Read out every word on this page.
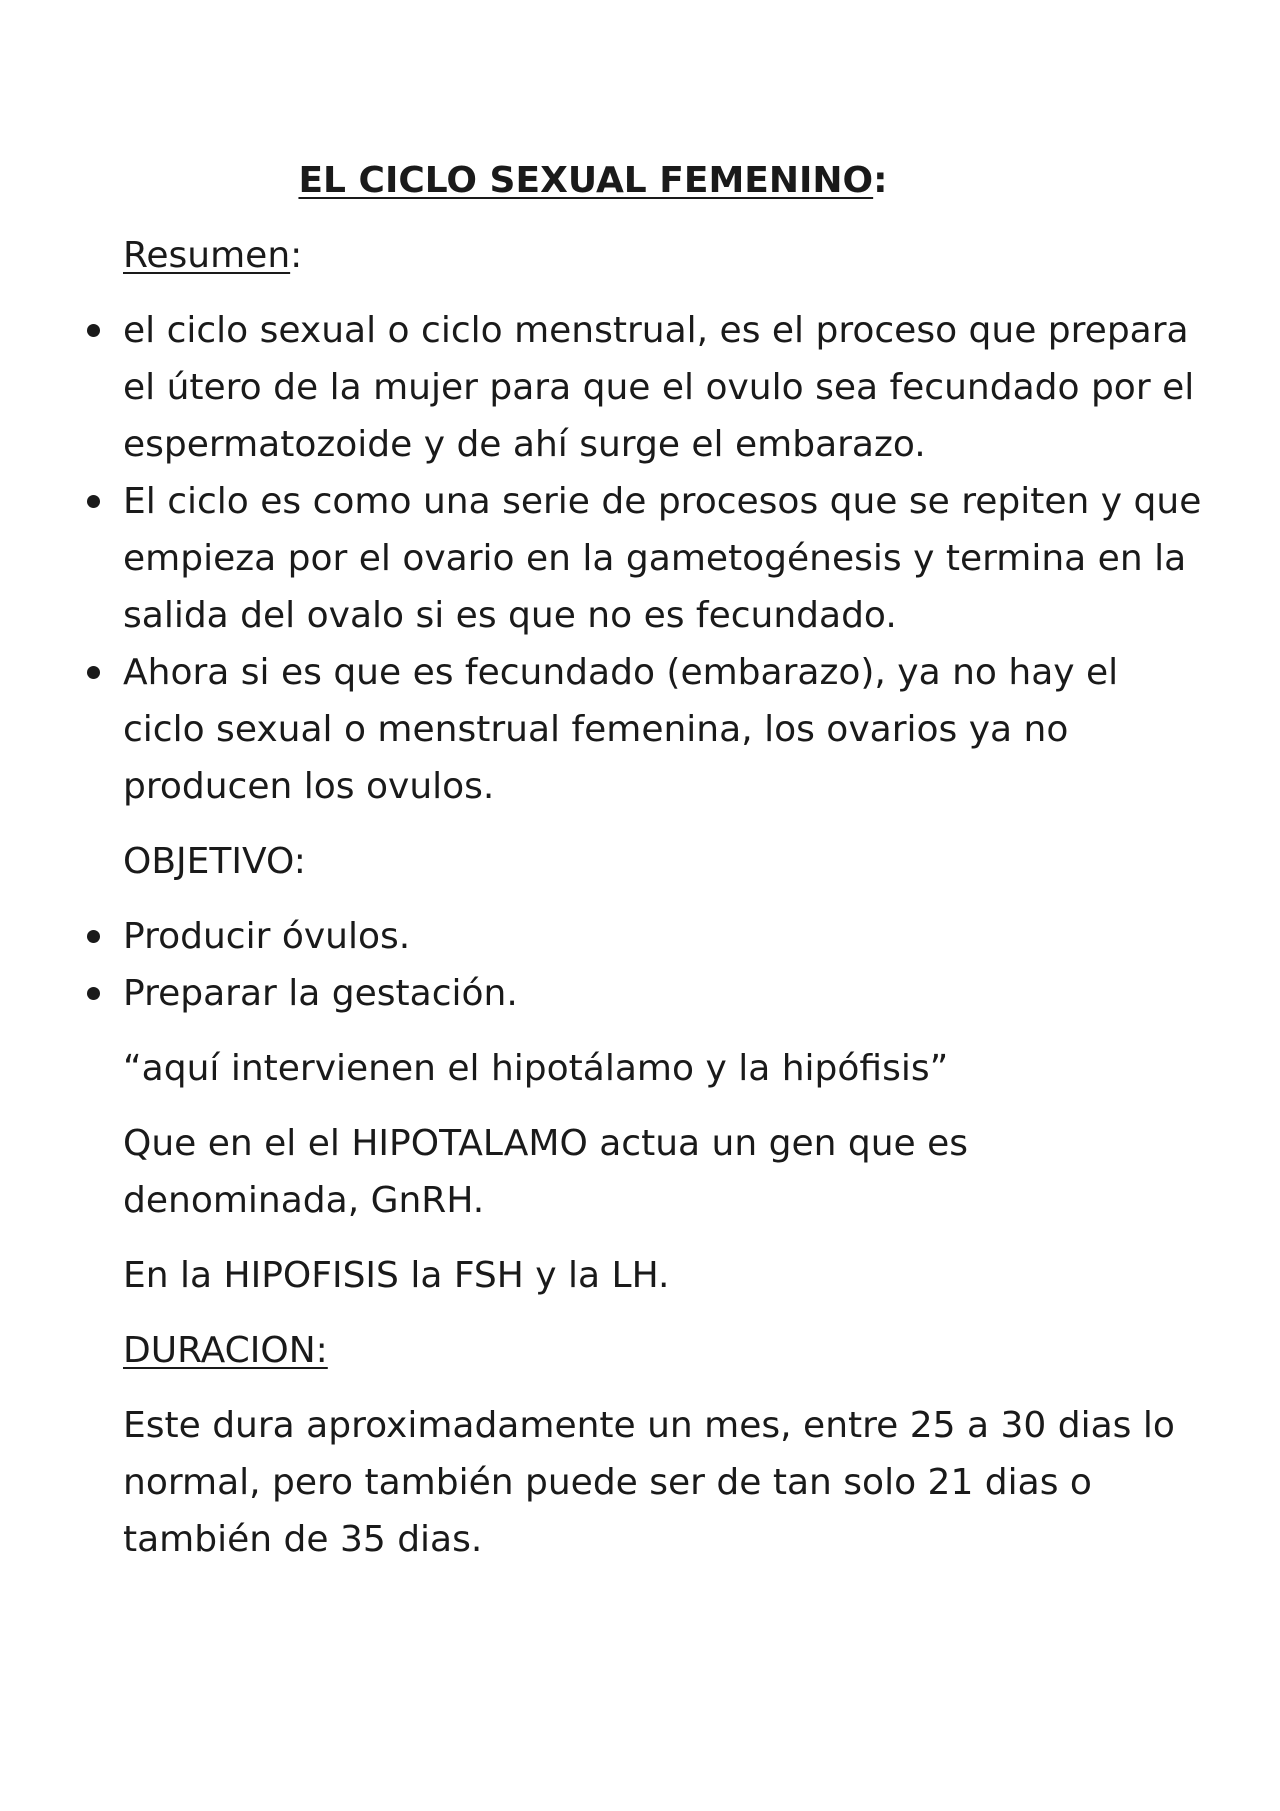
EL CICLO SEXUAL FEMENINO:
Resumen:
el ciclo sexual o ciclo menstrual, es el proceso que prepara el útero de la mujer para que el ovulo sea fecundado por el espermatozoide y de ahí surge el embarazo.
El ciclo es como una serie de procesos que se repiten y que empieza por el ovario en la gametogénesis y termina en la salida del ovalo si es que no es fecundado.
Ahora si es que es fecundado (embarazo), ya no hay el ciclo sexual o menstrual femenina, los ovarios ya no producen los ovulos.
OBJETIVO:
Producir óvulos.
Preparar la gestación.
“aquí intervienen el hipotálamo y la hipófisis”
Que en el el HIPOTALAMO actua un gen que es denominada, GnRH.
En la HIPOFISIS la FSH y la LH.
DURACION:
Este dura aproximadamente un mes, entre 25 a 30 dias lo normal, pero también puede ser de tan solo 21 dias o también de 35 dias.
